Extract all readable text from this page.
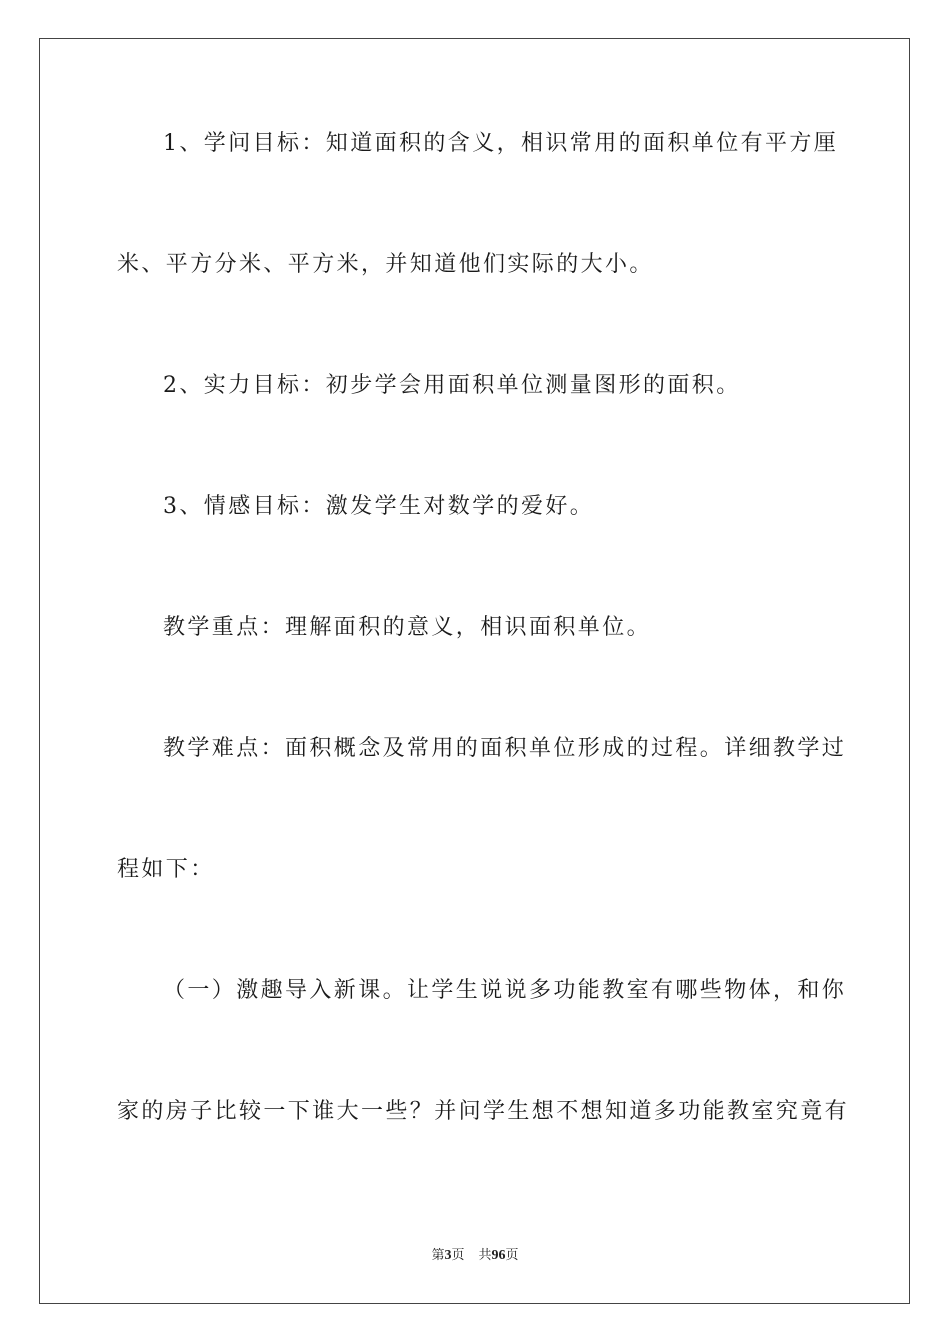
1、学问目标：知道面积的含义，相识常用的面积单位有平方厘

米、平方分米、平方米，并知道他们实际的大小。

2、实力目标：初步学会用面积单位测量图形的面积。

3、情感目标：激发学生对数学的爱好。

教学重点：理解面积的意义，相识面积单位。

教学难点：面积概念及常用的面积单位形成的过程。详细教学过

程如下：

（一）激趣导入新课。让学生说说多功能教室有哪些物体，和你

家的房子比较一下谁大一些？并问学生想不想知道多功能教室究竟有

第3页 共96页
